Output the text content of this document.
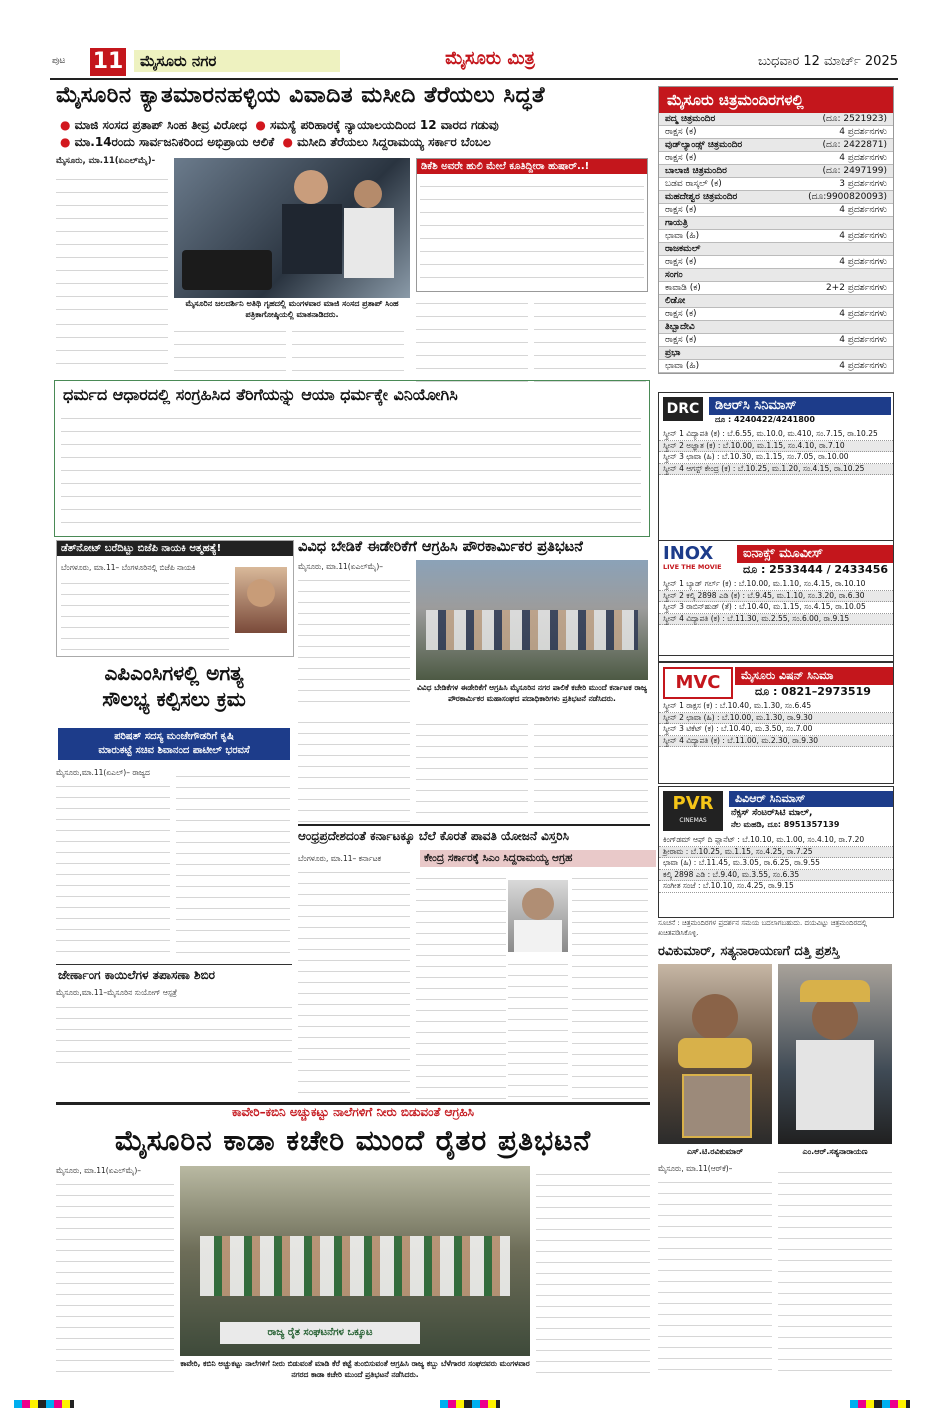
ಪುಟ 11	ಮೈಸೂರು ನಗರ	ಮೈಸೂರು ಮಿತ್ರ	ಬುಧವಾರ 12 ಮಾರ್ಚ್ 2025
ಮೈಸೂರಿನ ಕ್ಯಾತಮಾರನಹಳ್ಳಿಯ ವಿವಾದಿತ ಮಸೀದಿ ತೆರೆಯಲು ಸಿದ್ಧತೆ
● ಮಾಜಿ ಸಂಸದ ಪ್ರತಾಪ್ ಸಿಂಹ ತೀವ್ರ ವಿರೋಧ ● ಸಮಸ್ಯೆ ಪರಿಹಾರಕ್ಕೆ ನ್ಯಾಯಾಲಯದಿಂದ 12 ವಾರದ ಗಡುವು
● ಮಾ.14ರಂದು ಸಾರ್ವಜನಿಕರಿಂದ ಅಭಿಪ್ರಾಯ ಆಲಿಕೆ ● ಮಸೀದಿ ತೆರೆಯಲು ಸಿದ್ದರಾಮಯ್ಯ ಸರ್ಕಾರ ಬೆಂಬಲ
ಮೈಸೂರು, ಮಾ.11(ಏಎಲ್‌ಮೈ)-
ಮೈಸೂರಿನ ಜಲದರ್ಶಿನಿ ಅತಿಥಿ ಗೃಹದಲ್ಲಿ ಮಂಗಳವಾರ ಮಾಜಿ ಸಂಸದ ಪ್ರತಾಪ್ ಸಿಂಹ ಪತ್ರಿಕಾಗೋಷ್ಠಿಯಲ್ಲಿ ಮಾತನಾಡಿದರು.
ಡಿಕೆಶಿ ಅವರೇ ಹುಲಿ ಮೇಲೆ ಕೂತಿದ್ದೀರಾ ಹುಷಾರ್..!
ಧರ್ಮದ ಆಧಾರದಲ್ಲಿ ಸಂಗ್ರಹಿಸಿದ ತೆರಿಗೆಯನ್ನು ಆಯಾ ಧರ್ಮಕ್ಕೇ ವಿನಿಯೋಗಿಸಿ
ಡೆತ್‌ನೋಟ್ ಬರೆದಿಟ್ಟು ಬಿಜೆಪಿ ನಾಯಕಿ ಆತ್ಮಹತ್ಯೆ!
ಬೆಂಗಳೂರು, ಮಾ.11– ಬೆಂಗಳೂರಿನಲ್ಲಿ ಬಿಜೆಪಿ ನಾಯಕಿ
ಎಪಿಎಂಸಿಗಳಲ್ಲಿ ಅಗತ್ಯ
ಸೌಲಭ್ಯ ಕಲ್ಪಿಸಲು ಕ್ರಮ
ಪರಿಷತ್ ಸದಸ್ಯ ಮಂಜೇಗೌಡರಿಗೆ ಕೃಷಿ
ಮಾರುಕಟ್ಟೆ ಸಚಿವ ಶಿವಾನಂದ ಪಾಟೀಲ್ ಭರವಸೆ
ಮೈಸೂರು,ಮಾ.11(ಏಎಲ್)– ರಾಜ್ಯದ
ಜೇರ್ಣಾಂಗ ಕಾಯಿಲೆಗಳ ತಪಾಸಣಾ ಶಿಬಿರ
ಮೈಸೂರು,ಮಾ.11–ಮೈಸೂರಿನ ಸುಯೋಗ್ ಆಸ್ಪತ್ರೆ
ವಿವಿಧ ಬೇಡಿಕೆ ಈಡೇರಿಕೆಗೆ ಆಗ್ರಹಿಸಿ ಪೌರಕಾರ್ಮಿಕರ ಪ್ರತಿಭಟನೆ
ಮೈಸೂರು, ಮಾ.11(ಏಎಲ್‌ಮೈ)–
ವಿವಿಧ ಬೇಡಿಕೆಗಳ ಈಡೇರಿಕೆಗೆ ಆಗ್ರಹಿಸಿ ಮೈಸೂರಿನ ನಗರ ಪಾಲಿಕೆ ಕಚೇರಿ ಮುಂದೆ ಕರ್ನಾಟಕ ರಾಜ್ಯ ಪೌರಕಾರ್ಮಿಕರ ಮಹಾಸಂಘದ ಪದಾಧಿಕಾರಿಗಳು ಪ್ರತಿಭಟನೆ ನಡೆಸಿದರು.
ಆಂಧ್ರಪ್ರದೇಶದಂತೆ ಕರ್ನಾಟಕ್ಕೂ ಬೆಲೆ ಕೊರತೆ ಪಾವತಿ ಯೋಜನೆ ವಿಸ್ತರಿಸಿ
ಕೇಂದ್ರ ಸರ್ಕಾರಕ್ಕೆ ಸಿಎಂ ಸಿದ್ದರಾಮಯ್ಯ ಆಗ್ರಹ
ಬೆಂಗಳೂರು, ಮಾ.11– ಕರ್ನಾಟಕ
ಕಾವೇರಿ–ಕಬಿನಿ ಅಚ್ಚುಕಟ್ಟು ನಾಲೆಗಳಿಗೆ ನೀರು ಬಿಡುವಂತೆ ಆಗ್ರಹಿಸಿ
ಮೈಸೂರಿನ ಕಾಡಾ ಕಚೇರಿ ಮುಂದೆ ರೈತರ ಪ್ರತಿಭಟನೆ
ಮೈಸೂರು, ಮಾ.11(ಏಎಲ್‌ಮೈ)–
ರಾಜ್ಯ ರೈತ ಸಂಘಟನೆಗಳ ಒಕ್ಕೂಟ
ಕಾವೇರಿ, ಕಬಿನಿ ಅಚ್ಚುಕಟ್ಟು ನಾಲೆಗಳಿಗೆ ನೀರು ಬಿಡುವಂತೆ ಮಾಡಿ ಕೆರೆ ಕಟ್ಟೆ ತುಂಬಿಸುವಂತೆ ಆಗ್ರಹಿಸಿ ರಾಜ್ಯ ಕಬ್ಬು ಬೆಳೆಗಾರರ ಸಂಘದವರು ಮಂಗಳವಾರ ನಗರದ ಕಾಡಾ ಕಚೇರಿ ಮುಂದೆ ಪ್ರತಿಭಟನೆ ನಡೆಸಿದರು.
ಮೈಸೂರು ಚಿತ್ರಮಂದಿರಗಳಲ್ಲಿ
ಪದ್ಮ ಚಿತ್ರಮಂದಿರ	(ದೂ: 2521923)
ರಾಕ್ಷಸ (ಕ)	4 ಪ್ರದರ್ಶನಗಳು
ವುಡ್‌ಲ್ಯಾಂಡ್ಸ್ ಚಿತ್ರಮಂದಿರ	(ದೂ: 2422871)
ರಾಕ್ಷಸ (ಕ)	4 ಪ್ರದರ್ಶನಗಳು
ಬಾಲಾಜಿ ಚಿತ್ರಮಂದಿರ	(ದೂ: 2497199)
ಬಡವ ರಾಸ್ಕಲ್ (ಕ)	3 ಪ್ರದರ್ಶನಗಳು
ಮಹದೇಶ್ವರ ಚಿತ್ರಮಂದಿರ	(ದೂ:9900820093)
ರಾಕ್ಷಸ (ಕ)	4 ಪ್ರದರ್ಶನಗಳು
ಗಾಯತ್ರಿ
ಛಾವಾ (ಹಿ)	4 ಪ್ರದರ್ಶನಗಳು
ರಾಜಕಮಲ್
ರಾಕ್ಷಸ (ಕ)	4 ಪ್ರದರ್ಶನಗಳು
ಸಂಗಂ
ಕಾವಾಡಿ (ಕ)	2+2 ಪ್ರದರ್ಶನಗಳು
ಲಿಡೋ
ರಾಕ್ಷಸ (ಕ)	4 ಪ್ರದರ್ಶನಗಳು
ತಿಬ್ಬಾದೇವಿ
ರಾಕ್ಷಸ (ಕ)	4 ಪ್ರದರ್ಶನಗಳು
ಪ್ರಭಾ
ಛಾವಾ (ಹಿ)	4 ಪ್ರದರ್ಶನಗಳು
DRC	ಡಿಆರ್‌ಸಿ ಸಿನಿಮಾಸ್
ದೂ : 4240422/4241800
ಸ್ಕ್ರೀನ್ 1 ವಿದ್ಯಾಪತಿ (ಕ) : ಬೆ.6.55, ಮ.10.0, ಮ.410, ಸಂ.7.15, ರಾ.10.25
ಸ್ಕ್ರೀನ್ 2 ಅಜ್ಞಾತ (ಕ) : ಬೆ.10.00, ಮ.1.15, ಸಂ.4.10, ರಾ.7.10
ಸ್ಕ್ರೀನ್ 3 ಛಾವಾ (ಹಿ) : ಬೆ.10.30, ಮ.1.15, ಸಂ.7.05, ರಾ.10.00
ಸ್ಕ್ರೀನ್ 4 ಆಗಸ್ಟ್ ಕೇಂದ್ರ (ಕ) : ಬೆ.10.25, ಮ.1.20, ಸಂ.4.15, ರಾ.10.25
INOX
LIVE THE MOVIE
ಐನಾಕ್ಸ್ ಮೂವೀಸ್
ದೂ : 2533444 / 2433456
ಸ್ಕ್ರೀನ್ 1 ಬ್ಯಾಡ್ ಗರ್ಲ್ (ಕ) : ಬೆ.10.00, ಮ.1.10, ಸಂ.4.15, ರಾ.10.10
ಸ್ಕ್ರೀನ್ 2 ಕಲ್ಕಿ 2898 ಎಡಿ (ಕ) : ಬೆ.9.45, ಮ.1.10, ಸಂ.3.20, ರಾ.6.30
ಸ್ಕ್ರೀನ್ 3 ರಾಬಿನ್‌ಹುಡ್ (ತೆ) : ಬೆ.10.40, ಮ.1.15, ಸಂ.4.15, ರಾ.10.05
ಸ್ಕ್ರೀನ್ 4 ವಿದ್ಯಾಪತಿ (ಕ) : ಬೆ.11.30, ಮ.2.55, ಸಂ.6.00, ರಾ.9.15
MVC	ಮೈಸೂರು ವಿಷನ್ ಸಿನಿಮಾ
ದೂ : 0821–2973519
ಸ್ಕ್ರೀನ್ 1 ರಾಕ್ಷಸ (ಕ) : ಬೆ.10.40, ಮ.1.30, ಸಂ.6.45
ಸ್ಕ್ರೀನ್ 2 ಛಾವಾ (ಹಿ) : ಬೆ.10.00, ಮ.1.30, ರಾ.9.30
ಸ್ಕ್ರೀನ್ 3 ಟಿಕೆಟ್ (ಕ) : ಬೆ.10.40, ಮ.3.50, ಸಂ.7.00
ಸ್ಕ್ರೀನ್ 4 ವಿದ್ಯಾಪತಿ (ಕ) : ಬೆ.11.00, ಮ.2.30, ರಾ.9.30
PVR
CINEMAS
ಪಿವಿಆರ್ ಸಿನಿಮಾಸ್
ನೆಕ್ಸಸ್ ಸೆಂಟರ್‌ಸಿಟಿ ಮಾಲ್,
ನೆಲ ಮಹಡಿ, ದೂ: 8951357139
ಕಿಂಗ್‌ಡಮ್ ಆಫ್ ದಿ ಪ್ಲಾನೆಟ್ : ಬೆ.10.10, ಮ.1.00, ಸಂ.4.10, ರಾ.7.20
ಶ್ರೀರಾಮ : ಬೆ.10.25, ಮ.1.15, ಸಂ.4.25, ರಾ.7.25
ಛಾವಾ (ಹಿ) : ಬೆ.11.45, ಮ.3.05, ರಾ.6.25, ರಾ.9.55
ಕಲ್ಕಿ 2898 ಎಡಿ : ಬೆ.9.40, ಮ.3.55, ಸಂ.6.35
ಸಂಗೀತ ಸಂಜೆ : ಬೆ.10.10, ಸಂ.4.25, ರಾ.9.15
ಸೂಚನೆ : ಚಿತ್ರಮಂದಿರಗಳ ಪ್ರದರ್ಶನ ಸಮಯ ಬದಲಾಗಬಹುದು. ದಯವಿಟ್ಟು ಚಿತ್ರಮಂದಿರದಲ್ಲಿ ಖಚಿತಪಡಿಸಿಕೊಳ್ಳಿ.
ರವಿಕುಮಾರ್, ಸತ್ಯನಾರಾಯಣಗೆ ದತ್ತಿ ಪ್ರಶಸ್ತಿ
ಎಸ್.ಟಿ.ರವಿಕುಮಾರ್	ಎಂ.ಆರ್.ಸತ್ಯನಾರಾಯಣ
ಮೈಸೂರು, ಮಾ.11(ಆರ್‌ಕೆ)–
